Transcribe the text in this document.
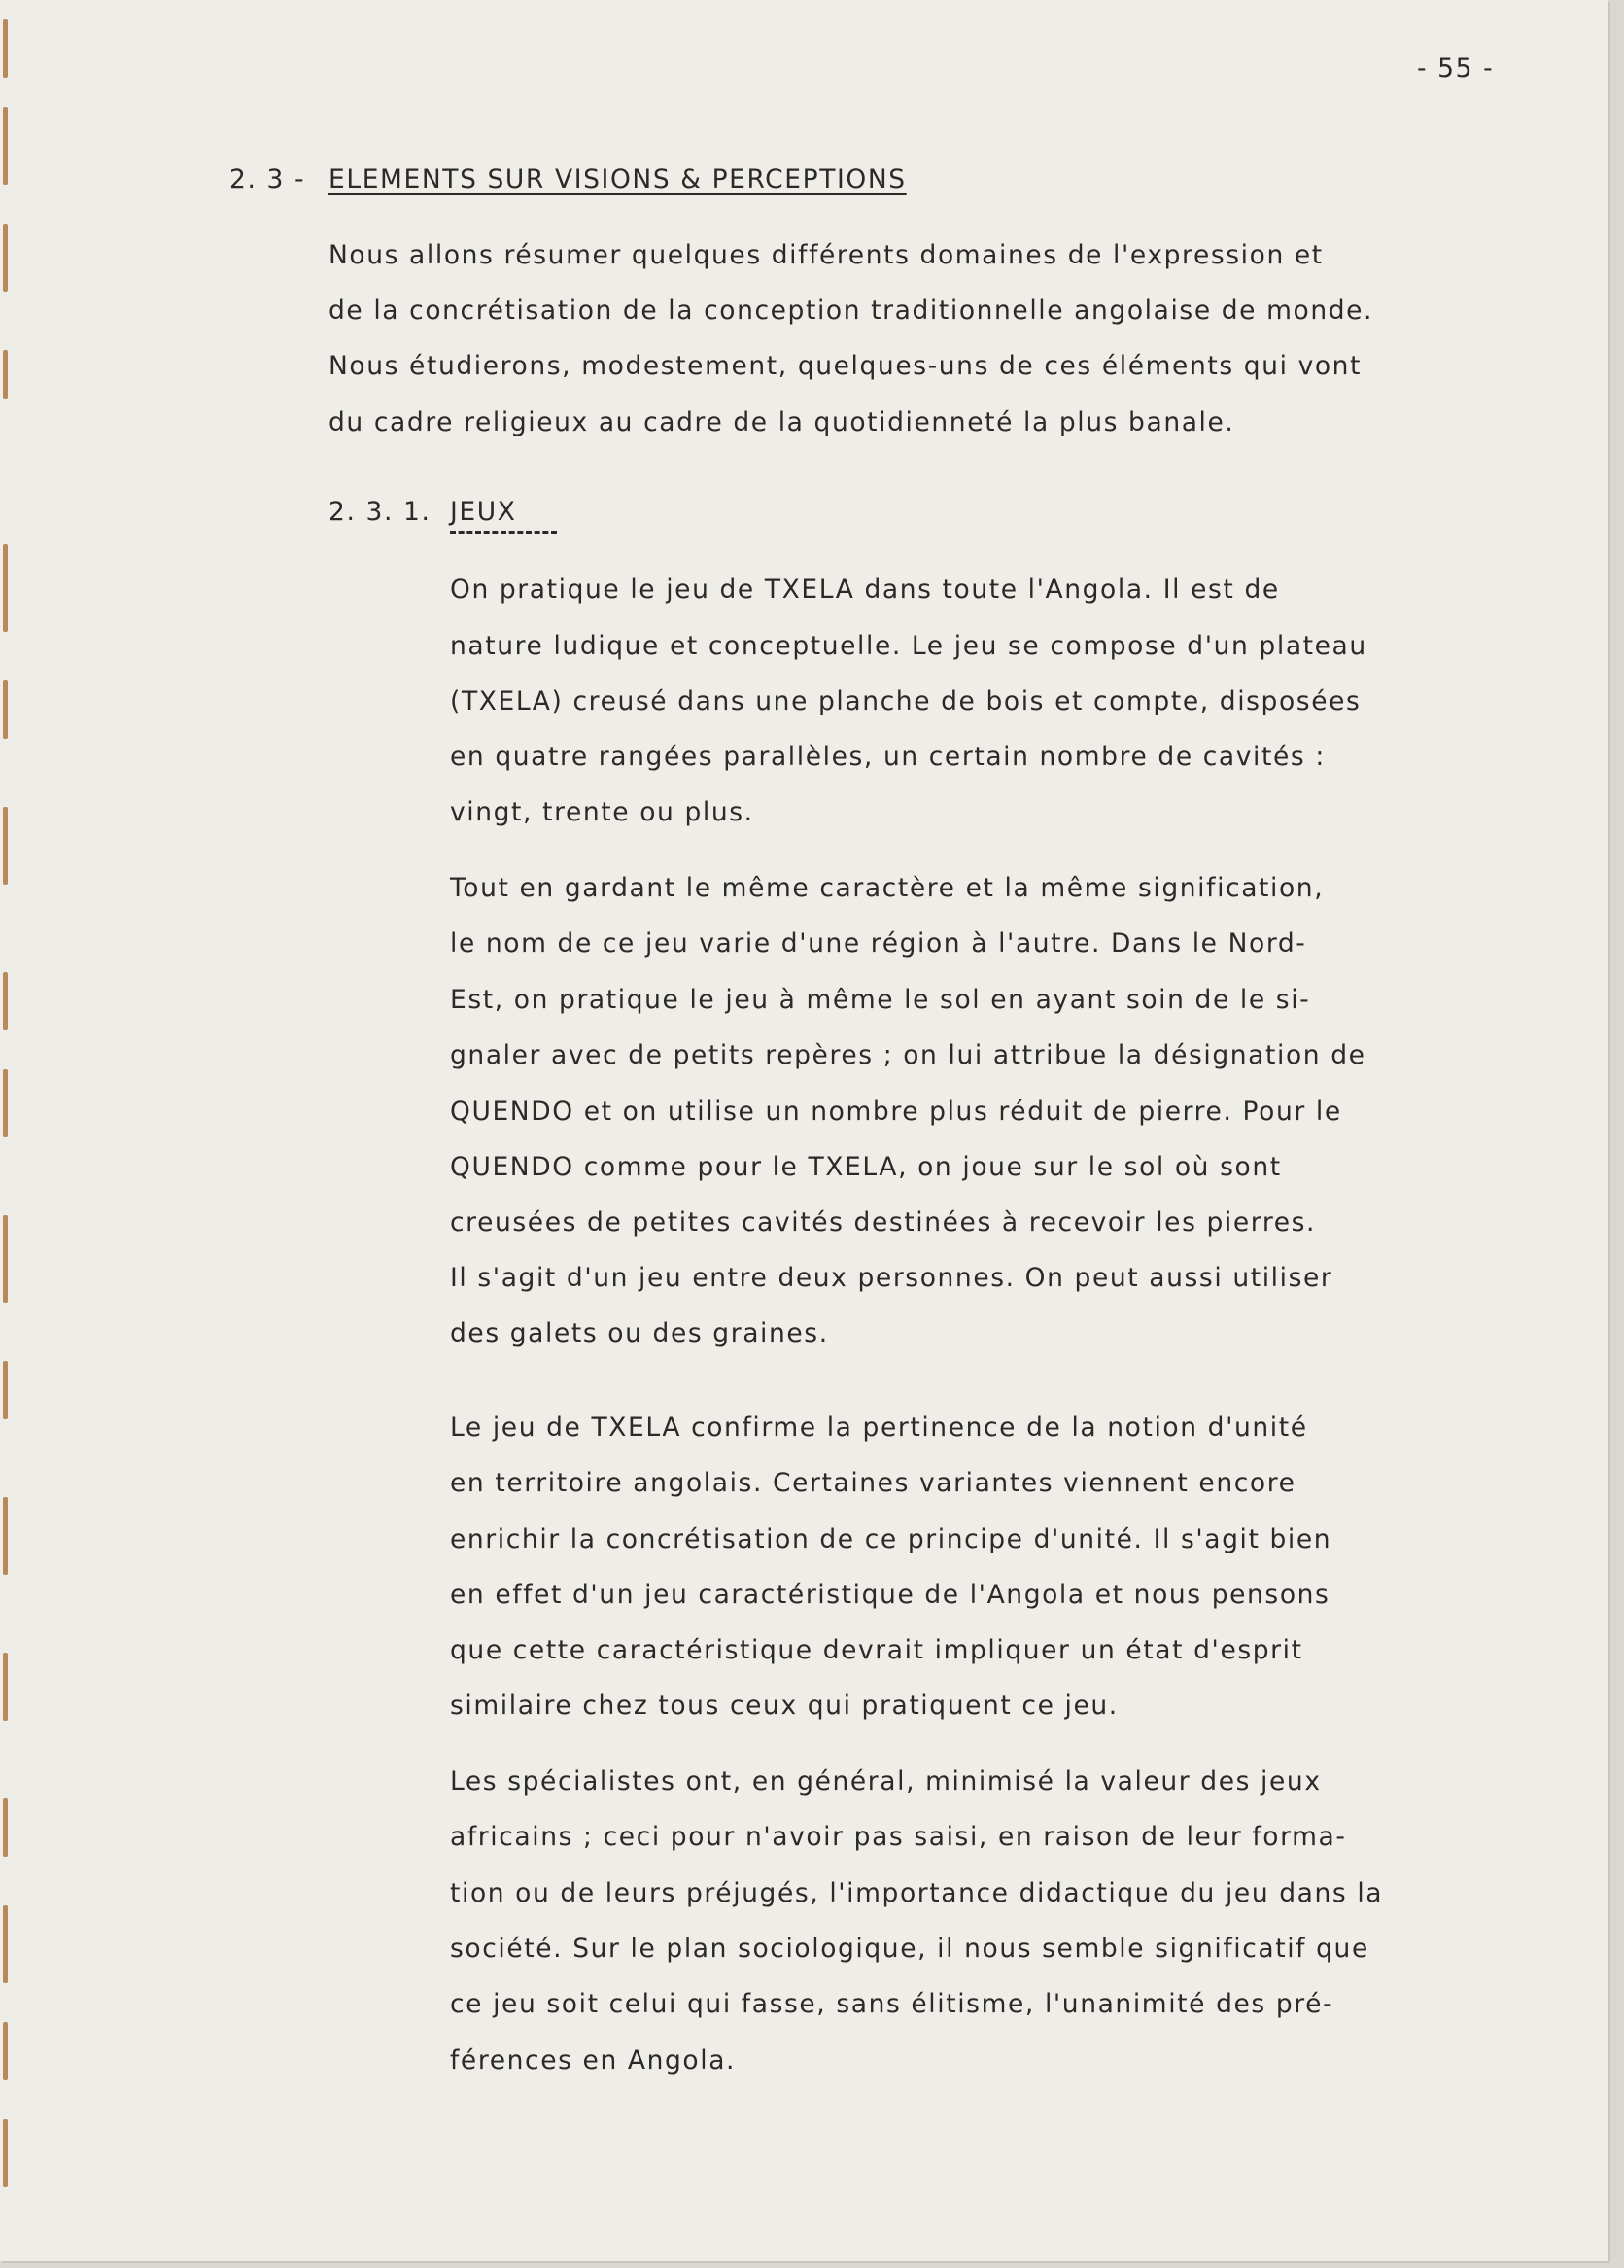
- 55 -
2. 3 - ELEMENTS SUR VISIONS & PERCEPTIONS
Nous allons résumer quelques différents domaines de l'expression et
de la concrétisation de la conception traditionnelle angolaise de monde.
Nous étudierons, modestement, quelques-uns de ces éléments qui vont
du cadre religieux au cadre de la quotidienneté la plus banale.
2. 3. 1. JEUX
On pratique le jeu de TXELA dans toute l'Angola. Il est de
nature ludique et conceptuelle. Le jeu se compose d'un plateau
(TXELA) creusé dans une planche de bois et compte, disposées
en quatre rangées parallèles, un certain nombre de cavités :
vingt, trente ou plus.
Tout en gardant le même caractère et la même signification,
le nom de ce jeu varie d'une région à l'autre. Dans le Nord-
Est, on pratique le jeu à même le sol en ayant soin de le si-
gnaler avec de petits repères ; on lui attribue la désignation de
QUENDO et on utilise un nombre plus réduit de pierre. Pour le
QUENDO comme pour le TXELA, on joue sur le sol où sont
creusées de petites cavités destinées à recevoir les pierres.
Il s'agit d'un jeu entre deux personnes. On peut aussi utiliser
des galets ou des graines.
Le jeu de TXELA confirme la pertinence de la notion d'unité
en territoire angolais. Certaines variantes viennent encore
enrichir la concrétisation de ce principe d'unité. Il s'agit bien
en effet d'un jeu caractéristique de l'Angola et nous pensons
que cette caractéristique devrait impliquer un état d'esprit
similaire chez tous ceux qui pratiquent ce jeu.
Les spécialistes ont, en général, minimisé la valeur des jeux
africains ; ceci pour n'avoir pas saisi, en raison de leur forma-
tion ou de leurs préjugés, l'importance didactique du jeu dans la
société. Sur le plan sociologique, il nous semble significatif que
ce jeu soit celui qui fasse, sans élitisme, l'unanimité des pré-
férences en Angola.
